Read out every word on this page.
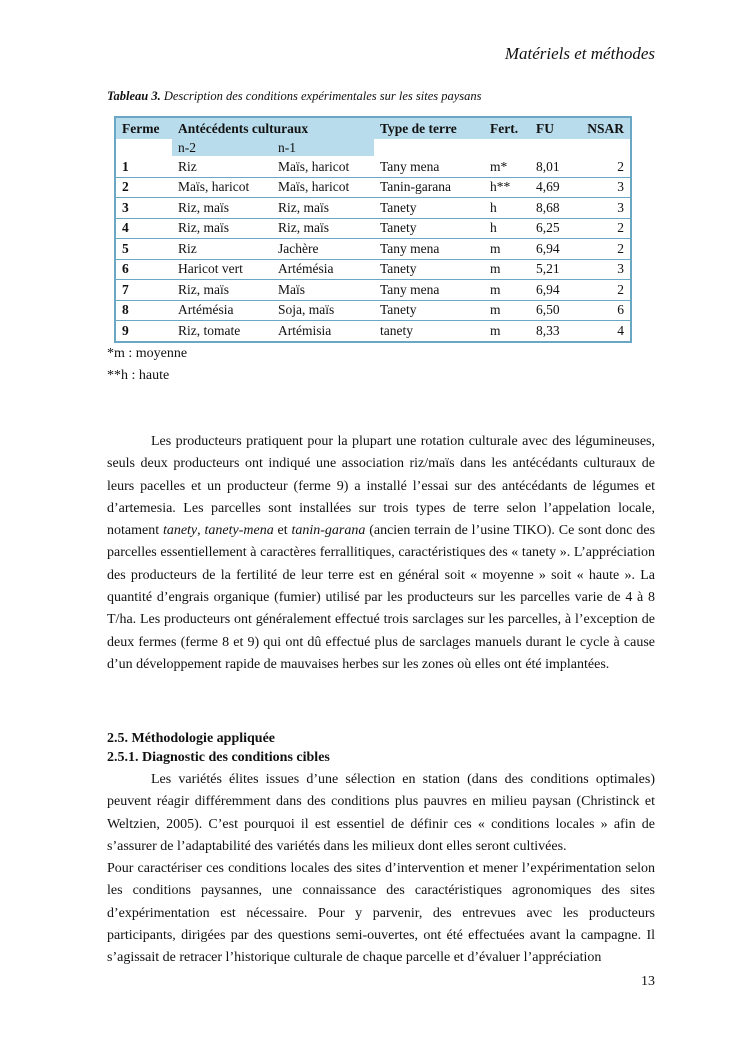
Matériels et méthodes
Tableau 3. Description des conditions expérimentales sur les sites paysans
Ferme	Antécédents culturaux		Type de terre	Fert.	FU	NSAR
	n-2	n-1				
1	Riz	Maïs, haricot	Tany mena	m*	8,01	2
2	Maïs, haricot	Maïs, haricot	Tanin-garana	h**	4,69	3
3	Riz, maïs	Riz, maïs	Tanety	h	8,68	3
4	Riz, maïs	Riz, maïs	Tanety	h	6,25	2
5	Riz	Jachère	Tany mena	m	6,94	2
6	Haricot vert	Artémésia	Tanety	m	5,21	3
7	Riz, maïs	Maïs	Tany mena	m	6,94	2
8	Artémésia	Soja, maïs	Tanety	m	6,50	6
9	Riz, tomate	Artémisia	tanety	m	8,33	4
*m : moyenne
**h : haute

Les producteurs pratiquent pour la plupart une rotation culturale avec des légumineuses, seuls deux producteurs ont indiqué une association riz/maïs dans les antécédants culturaux de leurs pacelles et un producteur (ferme 9) a installé l’essai sur des antécédants de légumes et d’artemesia. Les parcelles sont installées sur trois types de terre selon l’appelation locale, notament tanety, tanety-mena et tanin-garana (ancien terrain de l’usine TIKO). Ce sont donc des parcelles essentiellement à caractères ferrallitiques, caractéristiques des « tanety ». L’appréciation des producteurs de la fertilité de leur terre est en général soit « moyenne » soit « haute ». La quantité d’engrais organique (fumier) utilisé par les producteurs sur les parcelles varie de 4 à 8 T/ha. Les producteurs ont généralement effectué trois sarclages sur les parcelles, à l’exception de deux fermes (ferme 8 et 9) qui ont dû effectué plus de sarclages manuels durant le cycle à cause d’un développement rapide de mauvaises herbes sur les zones où elles ont été implantées.

2.5. Méthodologie appliquée
2.5.1. Diagnostic des conditions cibles

Les variétés élites issues d’une sélection en station (dans des conditions optimales) peuvent réagir différemment dans des conditions plus pauvres en milieu paysan (Christinck et Weltzien, 2005). C’est pourquoi il est essentiel de définir ces « conditions locales » afin de s’assurer de l’adaptabilité des variétés dans les milieux dont elles seront cultivées.

Pour caractériser ces conditions locales des sites d’intervention et mener l’expérimentation selon les conditions paysannes, une connaissance des caractéristiques agronomiques des sites d’expérimentation est nécessaire. Pour y parvenir, des entrevues avec les producteurs participants, dirigées par des questions semi-ouvertes, ont été effectuées avant la campagne. Il s’agissait de retracer l’historique culturale de chaque parcelle et d’évaluer l’appréciation

13
